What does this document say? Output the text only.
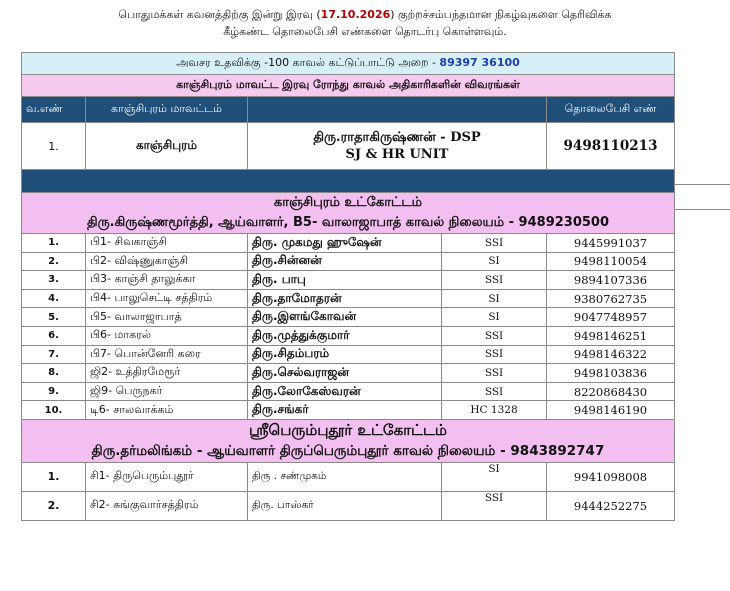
பொதுமக்கள் கவனத்திற்கு இன்று இரவு (17.10.2026) குற்றச்சம்பந்தமான நிகழ்வுகளை தெரிவிக்க
கீழ்கண்ட தொலைபேசி எண்களை தொடர்பு கொள்ளவும்.
அவசர உதவிக்கு -100 காவல் கட்டுப்பாட்டு அறை - 89397 36100				
காஞ்சிபுரம் மாவட்ட இரவு ரோந்து காவல் அதிகாரிகளின் விவரங்கள்				
வ.எண்	காஞ்சிபுரம் மாவட்டம்			தொலைபேசி எண்
1.	காஞ்சிபுரம்	திரு.ராதாகிருஷ்ணன் - DSP
SJ & HR UNIT		9498110213

காஞ்சிபுரம் உட்கோட்டம்
திரு.கிருஷ்ணமூர்த்தி, ஆய்வாளர், B5- வாலாஜாபாத் காவல் நிலையம் - 9489230500				

1.	பி1- சிவகாஞ்சி	திரு. முகமது ஹுஷேன்	SSI	9445991037
2.	பி2- விஷ்ணுகாஞ்சி	திரு.சின்னன்	SI	9498110054
3.	பி3- காஞ்சி தாலுக்கா	திரு. பாபு	SSI	9894107336
4.	பி4- பாலுசெட்டி சத்திரம்	திரு.தாமோதரன்	SI	9380762735
5.	பி5- வாலாஜாபாத்	திரு.இளங்கோவன்	SI	9047748957
6.	பி6- மாகரல்	திரு.முத்துக்குமார்	SSI	9498146251
7.	பி7- பொன்னேரி கரை	திரு.சிதம்பரம்	SSI	9498146322
8.	ஜி2- உத்திரமேரூர்	திரு.செல்வராஜன்	SSI	9498103836
9.	ஜி9- பெருநகர்	திரு.லோகேஸ்வரன்	SSI	8220868430
10.	டி6- சாலவாக்கம்	திரு.சங்கர்	HC 1328	9498146190

ஸ்ரீபெரும்புதூர் உட்கோட்டம்
திரு.தர்மலிங்கம் - ஆய்வாளர் திருப்பெரும்புதூர் காவல் நிலையம் - 9843892747				

1.	சி1- திருபெரும்புதூர்	திரு . சண்முகம்	SI	9941098008
2.	சி2- சுங்குவார்சத்திரம்	திரு. பாஸ்கர்	SSI	9444252275
